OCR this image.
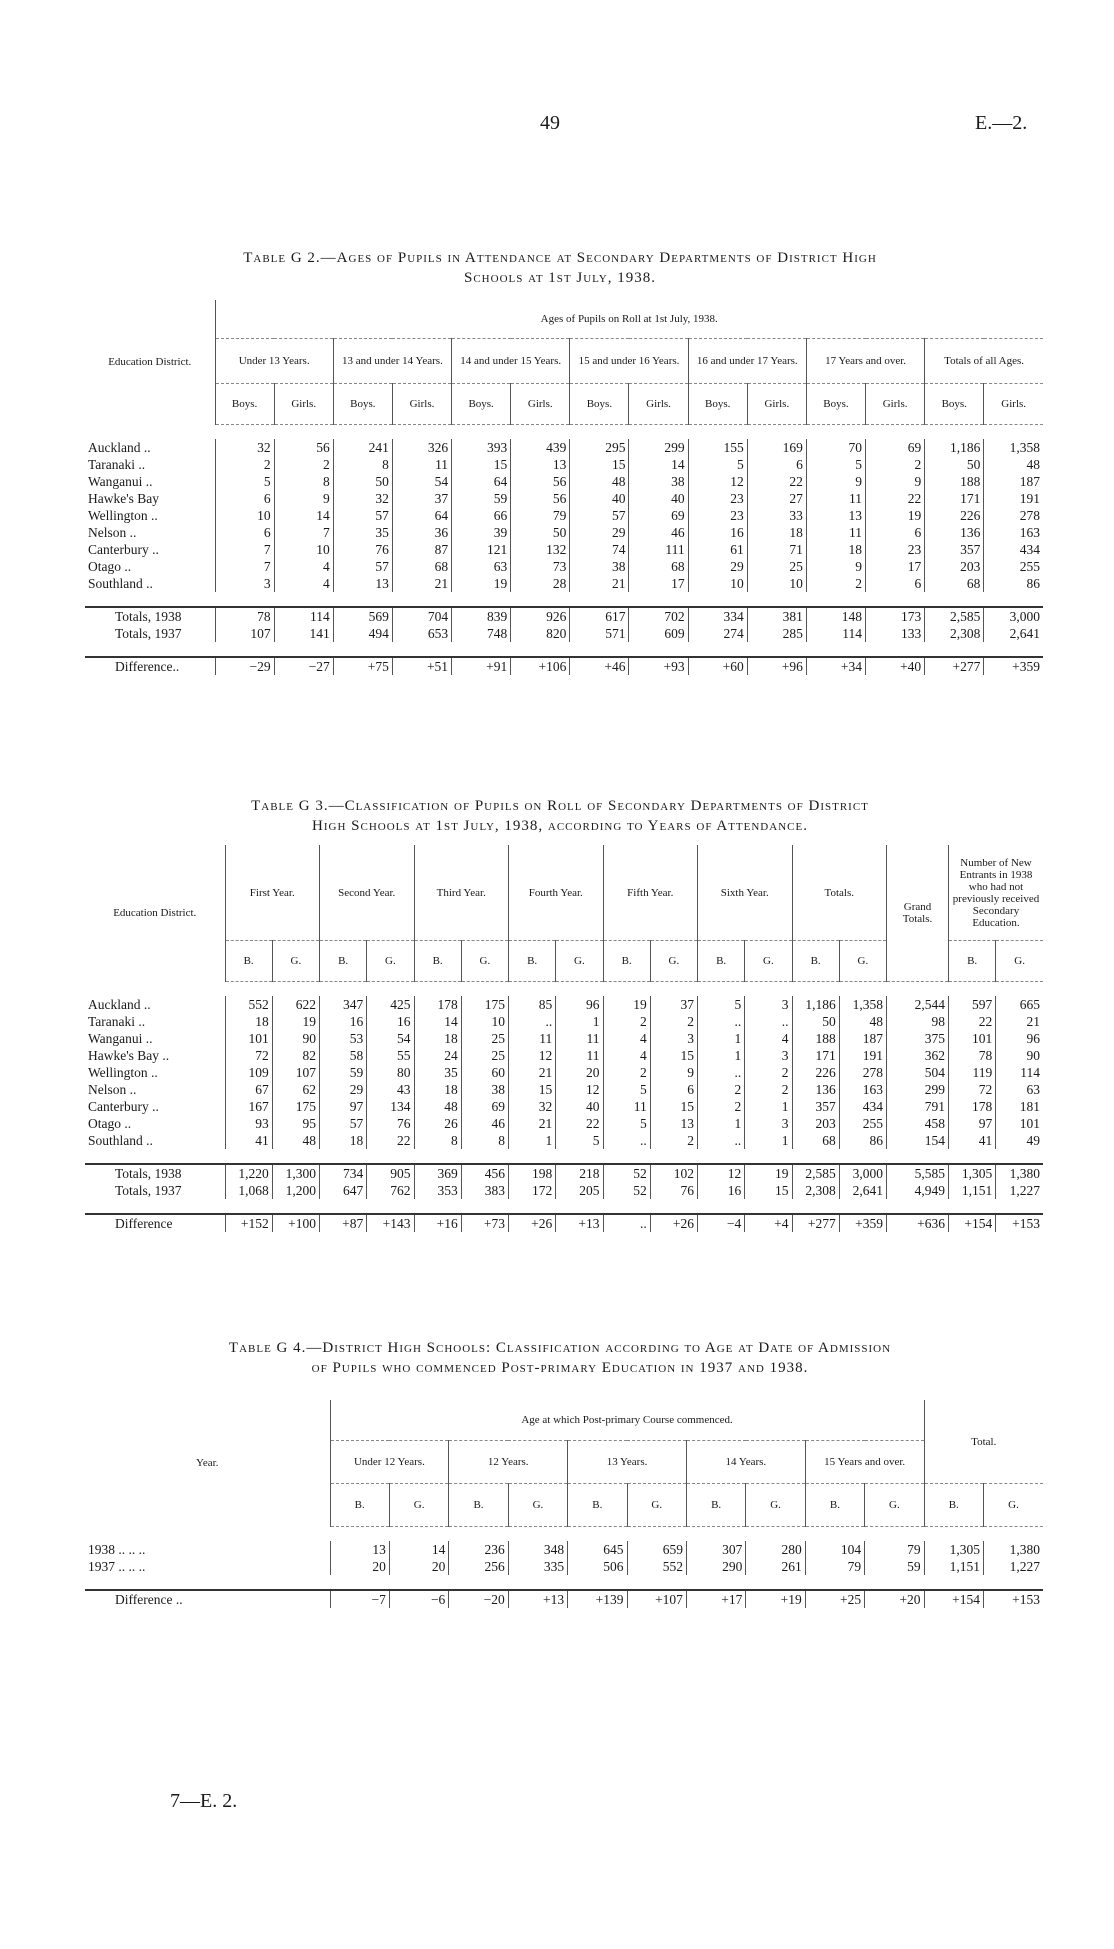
49	E.—2.
Table G 2.—Ages of Pupils in Attendance at Secondary Departments of District High
Schools at 1st July, 1938.
Education District.	Ages of Pupils on Roll at 1st July, 1938.													
	Under 13 Years.		13 and under 14 Years.		14 and under 15 Years.		15 and under 16 Years.		16 and under 17 Years.		17 Years and over.		Totals of all Ages.	
	Boys.	Girls.	Boys.	Girls.	Boys.	Girls.	Boys.	Girls.	Boys.	Girls.	Boys.	Girls.	Boys.	Girls.

Auckland ..	32	56	241	326	393	439	295	299	155	169	70	69	1,186	1,358
Taranaki ..	2	2	8	11	15	13	15	14	5	6	5	2	50	48
Wanganui ..	5	8	50	54	64	56	48	38	12	22	9	9	188	187
Hawke's Bay	6	9	32	37	59	56	40	40	23	27	11	22	171	191
Wellington ..	10	14	57	64	66	79	57	69	23	33	13	19	226	278
Nelson ..	6	7	35	36	39	50	29	46	16	18	11	6	136	163
Canterbury ..	7	10	76	87	121	132	74	111	61	71	18	23	357	434
Otago ..	7	4	57	68	63	73	38	68	29	25	9	17	203	255
Southland ..	3	4	13	21	19	28	21	17	10	10	2	6	68	86

Totals, 1938	78	114	569	704	839	926	617	702	334	381	148	173	2,585	3,000
Totals, 1937	107	141	494	653	748	820	571	609	274	285	114	133	2,308	2,641

Difference..	−29	−27	+75	+51	+91	+106	+46	+93	+60	+96	+34	+40	+277	+359
Table G 3.—Classification of Pupils on Roll of Secondary Departments of District
High Schools at 1st July, 1938, according to Years of Attendance.
Education District.	First Year.		Second Year.		Third Year.		Fourth Year.		Fifth Year.		Sixth Year.		Totals.		Grand Totals.	Number of New Entrants in 1938 who had not previously received Secondary Education.	
	B.	G.	B.	G.	B.	G.	B.	G.	B.	G.	B.	G.	B.	G.		B.	G.

Auckland ..	552	622	347	425	178	175	85	96	19	37	5	3	1,186	1,358	2,544	597	665
Taranaki ..	18	19	16	16	14	10	..	1	2	2	..	..	50	48	98	22	21
Wanganui ..	101	90	53	54	18	25	11	11	4	3	1	4	188	187	375	101	96
Hawke's Bay ..	72	82	58	55	24	25	12	11	4	15	1	3	171	191	362	78	90
Wellington ..	109	107	59	80	35	60	21	20	2	9	..	2	226	278	504	119	114
Nelson ..	67	62	29	43	18	38	15	12	5	6	2	2	136	163	299	72	63
Canterbury ..	167	175	97	134	48	69	32	40	11	15	2	1	357	434	791	178	181
Otago ..	93	95	57	76	26	46	21	22	5	13	1	3	203	255	458	97	101
Southland ..	41	48	18	22	8	8	1	5	..	2	..	1	68	86	154	41	49

Totals, 1938	1,220	1,300	734	905	369	456	198	218	52	102	12	19	2,585	3,000	5,585	1,305	1,380
Totals, 1937	1,068	1,200	647	762	353	383	172	205	52	76	16	15	2,308	2,641	4,949	1,151	1,227

Difference	+152	+100	+87	+143	+16	+73	+26	+13	..	+26	−4	+4	+277	+359	+636	+154	+153
Table G 4.—District High Schools: Classification according to Age at Date of Admission
of Pupils who commenced Post-primary Education in 1937 and 1938.
Year.	Age at which Post-primary Course commenced.										Total.	
	Under 12 Years.		12 Years.		13 Years.		14 Years.		15 Years and over.			
	B.	G.	B.	G.	B.	G.	B.	G.	B.	G.	B.	G.

1938 .. .. ..	13	14	236	348	645	659	307	280	104	79	1,305	1,380
1937 .. .. ..	20	20	256	335	506	552	290	261	79	59	1,151	1,227

Difference ..	−7	−6	−20	+13	+139	+107	+17	+19	+25	+20	+154	+153
7—E. 2.
